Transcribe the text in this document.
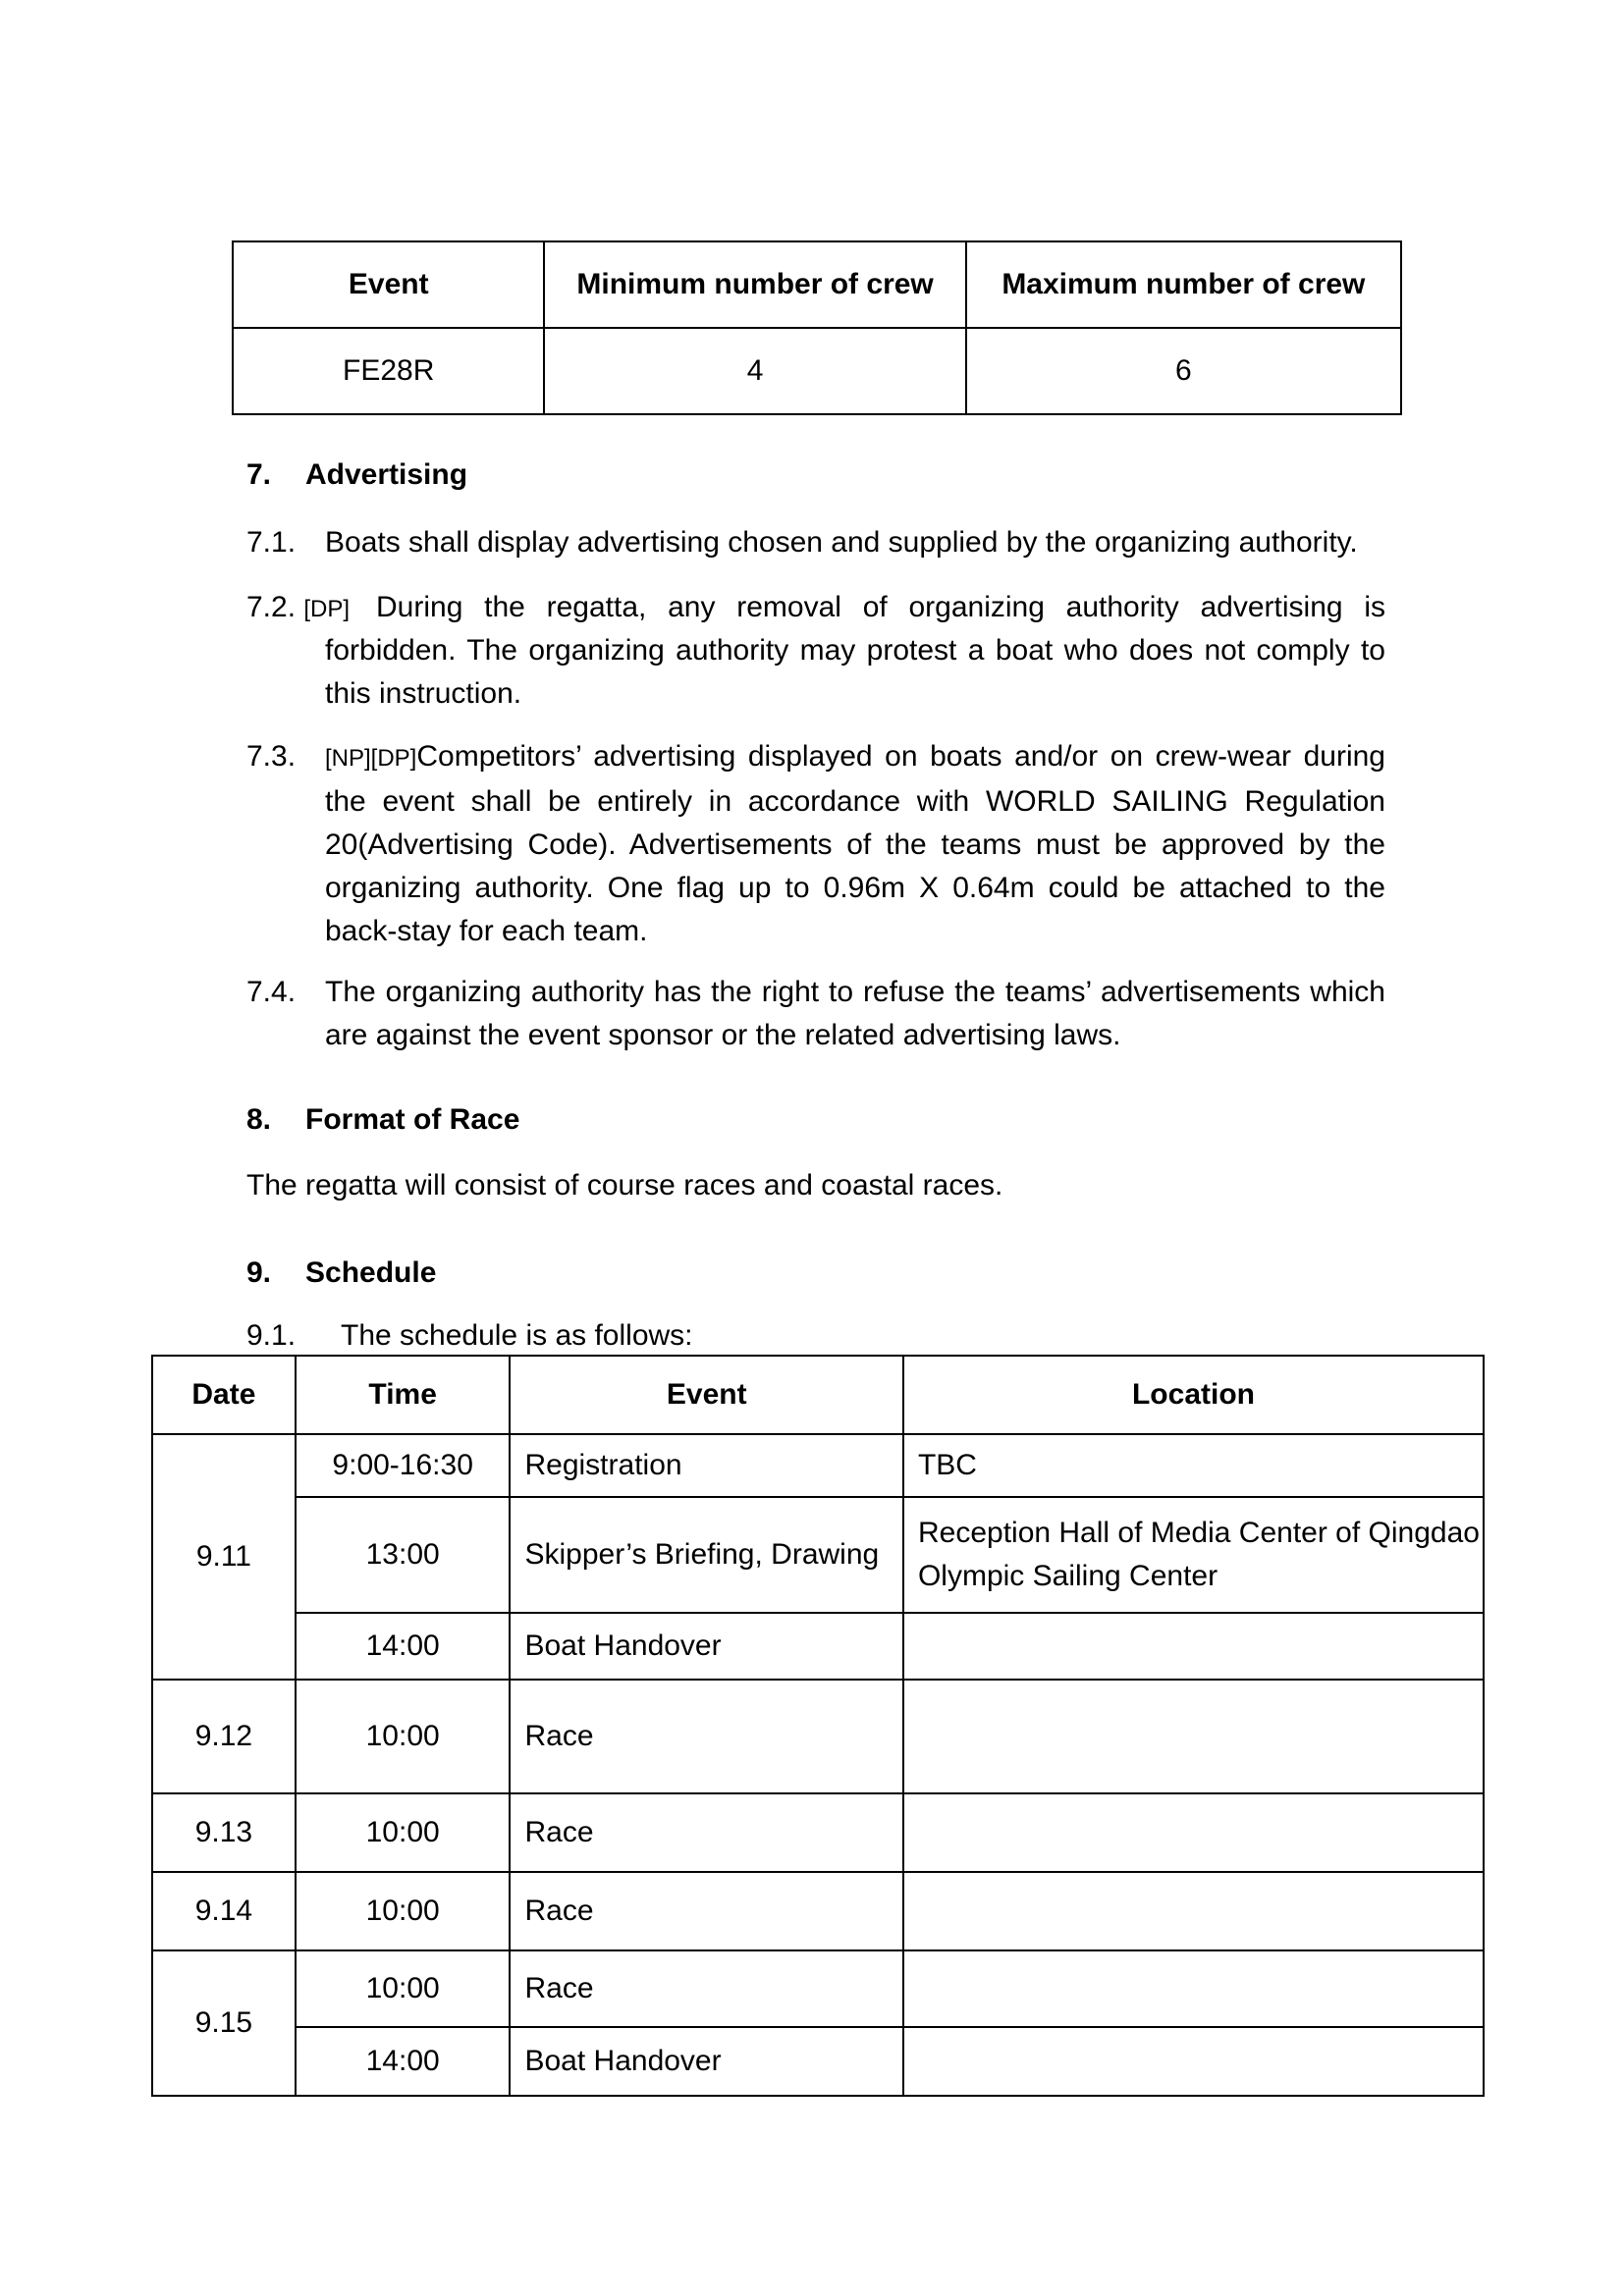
Event	Minimum number of crew	Maximum number of crew
FE28R	4	6
7. Advertising
7.1. Boats shall display advertising chosen and supplied by the organizing authority.
7.2. [DP] During the regatta, any removal of organizing authority advertising is forbidden. The organizing authority may protest a boat who does not comply to this instruction.
7.3. [NP][DP]Competitors’ advertising displayed on boats and/or on crew-wear during the event shall be entirely in accordance with WORLD SAILING Regulation 20(Advertising Code). Advertisements of the teams must be approved by the organizing authority. One flag up to 0.96m X 0.64m could be attached to the back-stay for each team.
7.4. The organizing authority has the right to refuse the teams’ advertisements which are against the event sponsor or the related advertising laws.
8. Format of Race
The regatta will consist of course races and coastal races.
9. Schedule
9.1. The schedule is as follows:
Date	Time	Event	Location
9.11	9:00-16:30	Registration	TBC
	13:00	Skipper’s Briefing, Drawing	Reception Hall of Media Center of Qingdao Olympic Sailing Center
	14:00	Boat Handover	
9.12	10:00	Race	
9.13	10:00	Race	
9.14	10:00	Race	
9.15	10:00	Race	
	14:00	Boat Handover	
